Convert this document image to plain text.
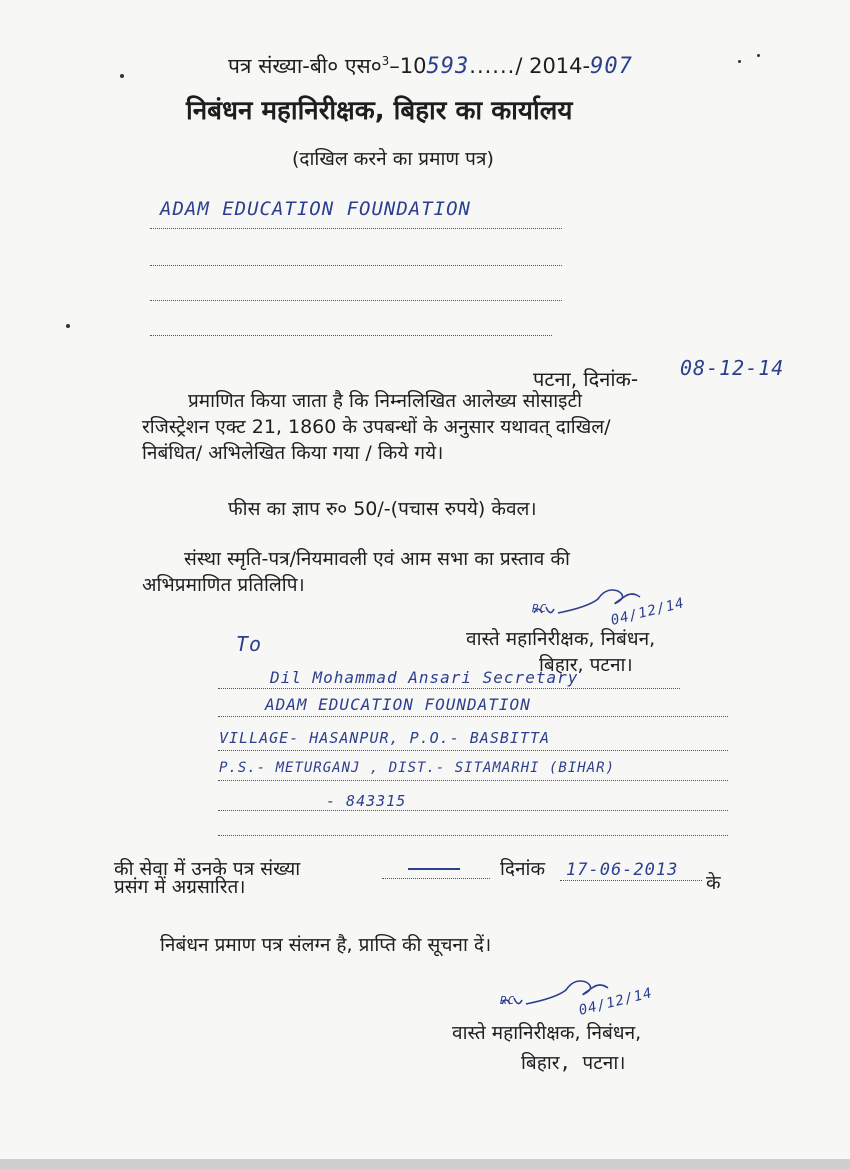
पत्र संख्या-बी० $एस०^3-10593....../$ 2014-907
निबंधन महानिरीक्षक, बिहार का कार्यालय
(दाखिल करने का प्रमाण पत्र)
ADAM EDUCATION FOUNDATION
पटना, दिनांक- 08-12-14
प्रमाणित किया जाता है कि निम्नलिखित आलेख्य सोसाइटी
रजिस्ट्रेशन एक्ट 21, 1860 के उपबन्धों के अनुसार यथावत् दाखिल/
निबंधित/ अभिलेखित किया गया / किये गये।
फीस का ज्ञाप रु० 50/-(पचास रुपये) केवल।
संस्था स्मृति-पत्र/नियमावली एवं आम सभा का प्रस्ताव की
अभिप्रमाणित प्रतिलिपि।
04/12/14
RC
वास्ते महानिरीक्षक, निबंधन,
बिहार, पटना।
To
Dil Mohammad Ansari Secretary
ADAM EDUCATION FOUNDATION
VILLAGE- HASANPUR, P.O.- BASBITTA
P.S.- METURGANJ , DIST.- SITAMARHI (BIHAR)
- 843315
की सेवा में उनके पत्र संख्या	दिनांक 17-06-2013
के
प्रसंग में अग्रसारित।
निबंधन प्रमाण पत्र संलग्न है, प्राप्ति की सूचना दें।
04/12/14
RC
वास्ते महानिरीक्षक, निबंधन,
बिहार, पटना।
